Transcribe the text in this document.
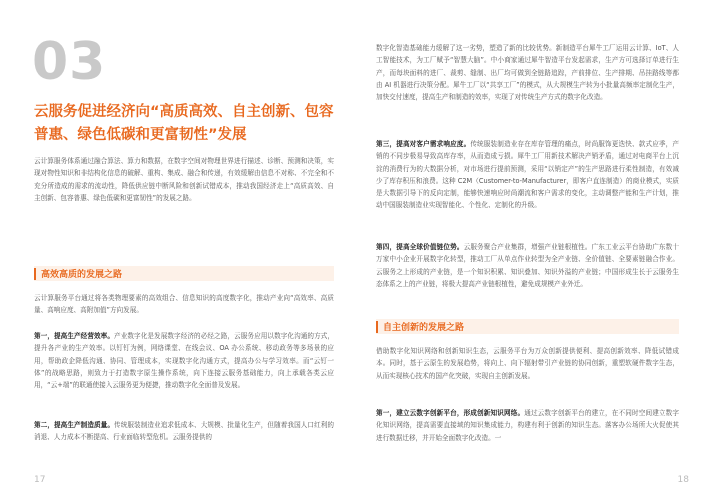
03
云服务促进经济向“高质高效、自主创新、包容普惠、绿色低碳和更富韧性”发展

云计算服务体系通过融合算法、算力和数据，在数字空间对物理世界进行描述、诊断、预测和决策，实现对物性知识和非结构化信息的破解、重构、集成、融合和传递，有效缓解由信息不对称、不完全和不充分所造成的需求的流动性，降低供应链中断风险和创新试错成本，推动我国经济走上“高质高效、自主创新、包容普惠、绿色低碳和更富韧性”的发展之路。

高效高质的发展之路

云计算服务平台通过将各类物理要素的高效组合、信息知识的高度数字化，推动产业向“高效率、高质量、高响应度、高附加值”方向发展。

第一，提高生产经营效率。产业数字化是发展数字经济的必经之路，云服务应用以数字化沟通的方式，提升各产业的生产效率。以钉钉为例，网络课堂、在线会议、OA 办公系统、移动政务等多场景的应用，帮助政企降低沟通、协同、管理成本，实现数字化沟通方式，提高办公与学习效率。而“云钉一体”的战略思路，则致力于打造数字原生操作系统，向下连接云服务基础能力，向上承载各类云应用，“云+端”的联通使接入云服务更为便捷，推动数字化全面普及发展。

第二，提高生产制造质量。传统服装制造业追求低成本、大规模、批量化生产，但随着我国人口红利的消退、人力成本不断提高、行业面临转型危机。云服务提供的

17

数字化智造基础能力缓解了这一劣势，塑造了新的比较优势。新制造平台犀牛工厂运用云计算、IoT、人工智能技术，为工厂赋予“智慧大脑”。中小商家通过犀牛智造平台发起需求，生产方可选择订单进行生产，而每块面料的进厂、裁剪、缝制、出厂均可做到全链路追踪，产前排位、生产排期、吊挂路线等都由 AI 机器进行决策分配。犀牛工厂以“共享工厂”的模式，从大规模生产转为小批量高频率定制化生产，加快交付速度，提高生产和制造的效率，实现了对传统生产方式的数字化改造。

第三，提高对客户需求响应度。传统服装制造业存在库存管理的痛点，时尚服饰更迭快、款式应季，产销的不同步极易导致高库存率，从而造成亏损。犀牛工厂用新技术解决产销矛盾，通过对电商平台上沉淀的消费行为的大数据分析，对市场进行提前预测，采用“以销定产”的生产思路进行柔性制造，有效减少了库存积压和浪费。这种 C2M（Customer-to-Manufacturer，即客户直连制造）的商业模式，实质是大数据引导下的反向定制，能够快速响应时尚潮流和客户需求的变化，主动调整产能和生产计划，推动中国服装制造业实现智能化、个性化、定制化的升级。

第四，提高全球价值链位势。云服务聚合产业集群，增强产业链根植性。广东工业云平台协助广东数十万家中小企业开展数字化转型，推动工厂从单点作业转型为全产业链、全价值链、全要素链融合作业。云服务之上形成的产业链，是一个知识积累、知识叠加、知识外溢的产业链；中国形成生长于云服务生态体系之上的产业链，将极大提高产业链根植性，避免成规模产业外迁。

自主创新的发展之路

借助数字化知识网络和创新知识生态，云服务平台为万众创新提供便利、提高创新效率、降低试错成本。同时，基于云原生的发展趋势，将向上、向下辐射带引产业链的协同创新，重塑软硬件数字生态，从而实现核心技术的国产化突破，实现自主创新发展。

第一，建立云数字创新平台，形成创新知识网络。通过云数字创新平台的建立，在不同时空间建立数字化知识网络，提高需要直接域的知识集成能力，构建有利于创新的知识生态。落客办公场所大火促使其进行数据迁移，并开始全面数字化改造。一

18
